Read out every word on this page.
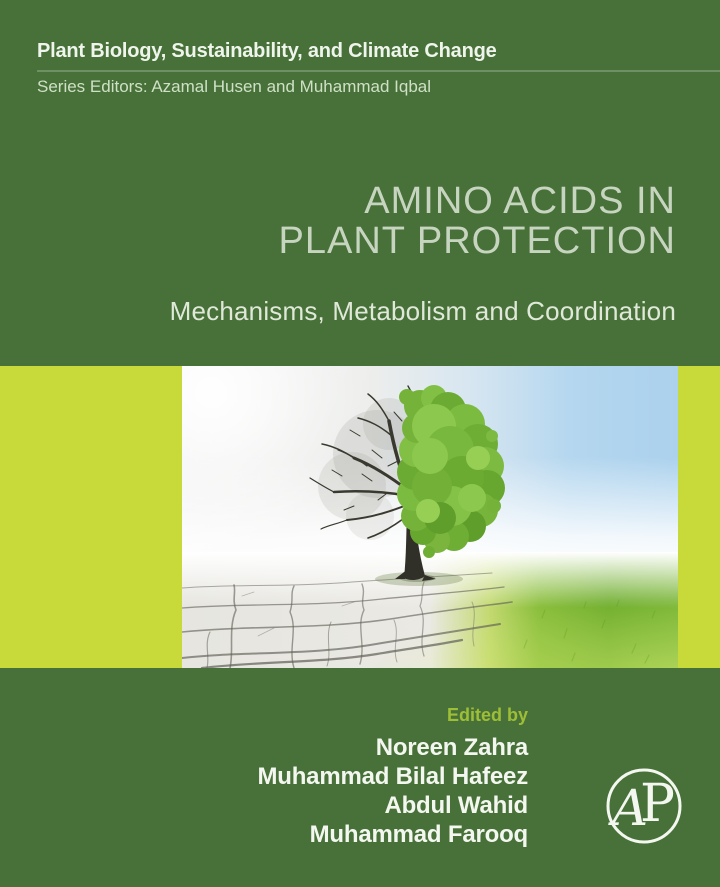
Plant Biology, Sustainability, and Climate Change
Series Editors: Azamal Husen and Muhammad Iqbal
AMINO ACIDS IN
PLANT PROTECTION
Mechanisms, Metabolism and Coordination
Edited by
Noreen Zahra
Muhammad Bilal Hafeez
Abdul Wahid
Muhammad Farooq A
P
